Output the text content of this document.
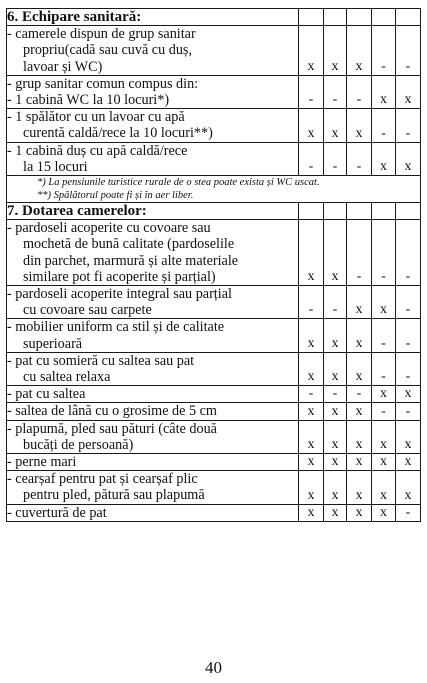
6. Echipare sanitară:					

- camerele dispun de grup sanitar
propriu(cadă sau cuvă cu duș,
lavoar și WC)	x	x	x	-	-

- grup sanitar comun compus din:
- 1 cabină WC la 10 locuri*)	-	-	-	x	x

- 1 spălător cu un lavoar cu apă
curentă caldă/rece la 10 locuri**)	x	x	x	-	-

- 1 cabină duș cu apă caldă/rece
la 15 locuri	-	-	-	x	x

*) La pensiunile turistice rurale de o stea poate exista și WC uscat.
**) Spălătorul poate fi și în aer liber.					

7. Dotarea camerelor:					

- pardoseli acoperite cu covoare sau
mochetă de bună calitate (pardoselile
din parchet, marmură și alte materiale
similare pot fi acoperite și parțial)	x	x	-	-	-

- pardoseli acoperite integral sau parțial
cu covoare sau carpete	-	-	x	x	-

- mobilier uniform ca stil și de calitate
superioară	x	x	x	-	-

- pat cu somieră cu saltea sau pat
cu saltea relaxa	x	x	x	-	-

- pat cu saltea	-	-	-	x	x

- saltea de lână cu o grosime de 5 cm	x	x	x	-	-

- plapumă, pled sau pături (câte două
bucăți de persoană)	x	x	x	x	x

- perne mari	x	x	x	x	x

- cearșaf pentru pat și cearșaf plic
pentru pled, pătură sau plapumă	x	x	x	x	x

- cuvertură de pat	x	x	x	x	-
40
